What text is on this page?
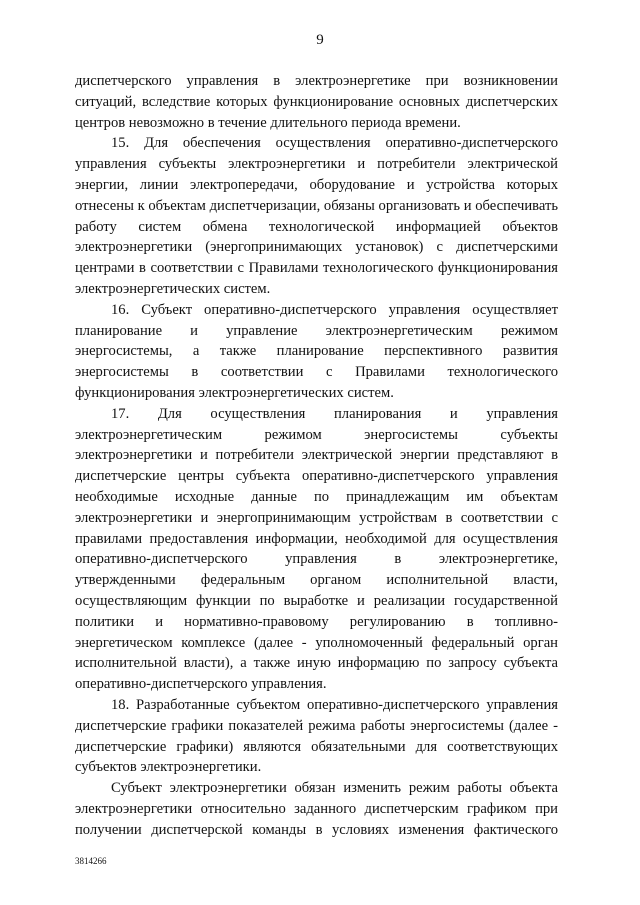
9

диспетчерского управления в электроэнергетике при возникновении ситуаций, вследствие которых функционирование основных диспетчерских центров невозможно в течение длительного периода времени.

15. Для обеспечения осуществления оперативно-диспетчерского управления субъекты электроэнергетики и потребители электрической энергии, линии электропередачи, оборудование и устройства которых отнесены к объектам диспетчеризации, обязаны организовать и обеспечивать работу систем обмена технологической информацией объектов электроэнергетики (энергопринимающих установок) с диспетчерскими центрами в соответствии с Правилами технологического функционирования электроэнергетических систем.

16. Субъект оперативно-диспетчерского управления осуществляет планирование и управление электроэнергетическим режимом энергосистемы, а также планирование перспективного развития энергосистемы в соответствии с Правилами технологического функционирования электроэнергетических систем.

17. Для осуществления планирования и управления электроэнергетическим режимом энергосистемы субъекты электроэнергетики и потребители электрической энергии представляют в диспетчерские центры субъекта оперативно-диспетчерского управления необходимые исходные данные по принадлежащим им объектам электроэнергетики и энергопринимающим устройствам в соответствии с правилами предоставления информации, необходимой для осуществления оперативно-диспетчерского управления в электроэнергетике, утвержденными федеральным органом исполнительной власти, осуществляющим функции по выработке и реализации государственной политики и нормативно-правовому регулированию в топливно-энергетическом комплексе (далее - уполномоченный федеральный орган исполнительной власти), а также иную информацию по запросу субъекта оперативно-диспетчерского управления.

18. Разработанные субъектом оперативно-диспетчерского управления диспетчерские графики показателей режима работы энергосистемы (далее - диспетчерские графики) являются обязательными для соответствующих субъектов электроэнергетики.

Субъект электроэнергетики обязан изменить режим работы объекта электроэнергетики относительно заданного диспетчерским графиком при получении диспетчерской команды в условиях изменения фактического

3814266
